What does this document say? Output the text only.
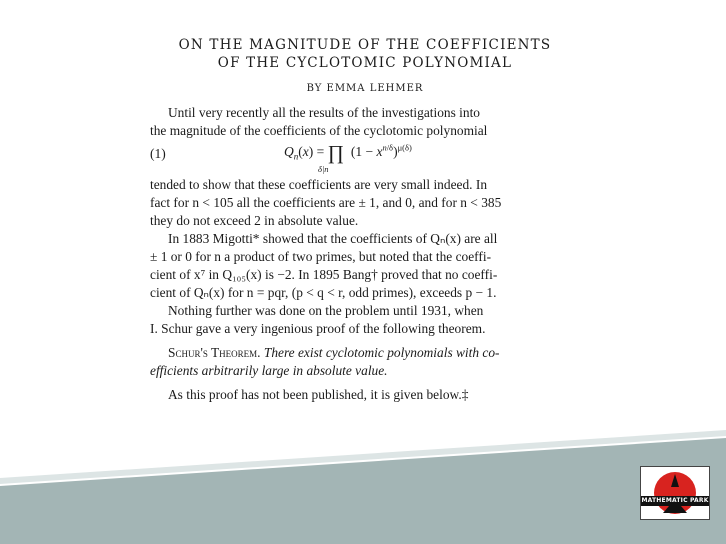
ON THE MAGNITUDE OF THE COEFFICIENTS

OF THE CYCLOTOMIC POLYNOMIAL

BY EMMA LEHMER

Until very recently all the results of the investigations into

the magnitude of the coefficients of the cyclotomic polynomial

(1)	$Q_n(x)$ = ∏  $(1 - x^{n/\delta})^{\mu(\delta)}$
δ|n

tended to show that these coefficients are very small indeed. In

fact for n < 105 all the coefficients are ± 1, and 0, and for n < 385

they do not exceed 2 in absolute value.

In 1883 Migotti* showed that the coefficients of Qₙ(x) are all

± 1 or 0 for n a product of two primes, but noted that the coeffi-

cient of x⁷ in Q₁₀₅(x) is −2. In 1895 Bang† proved that no coeffi-

cient of Qₙ(x) for n = pqr, (p < q < r, odd primes), exceeds p − 1.

Nothing further was done on the problem until 1931, when

I. Schur gave a very ingenious proof of the following theorem.

Schur's Theorem. There exist cyclotomic polynomials with co-

efficients arbitrarily large in absolute value.

As this proof has not been published, it is given below.‡

MATHEMATIC PARK
